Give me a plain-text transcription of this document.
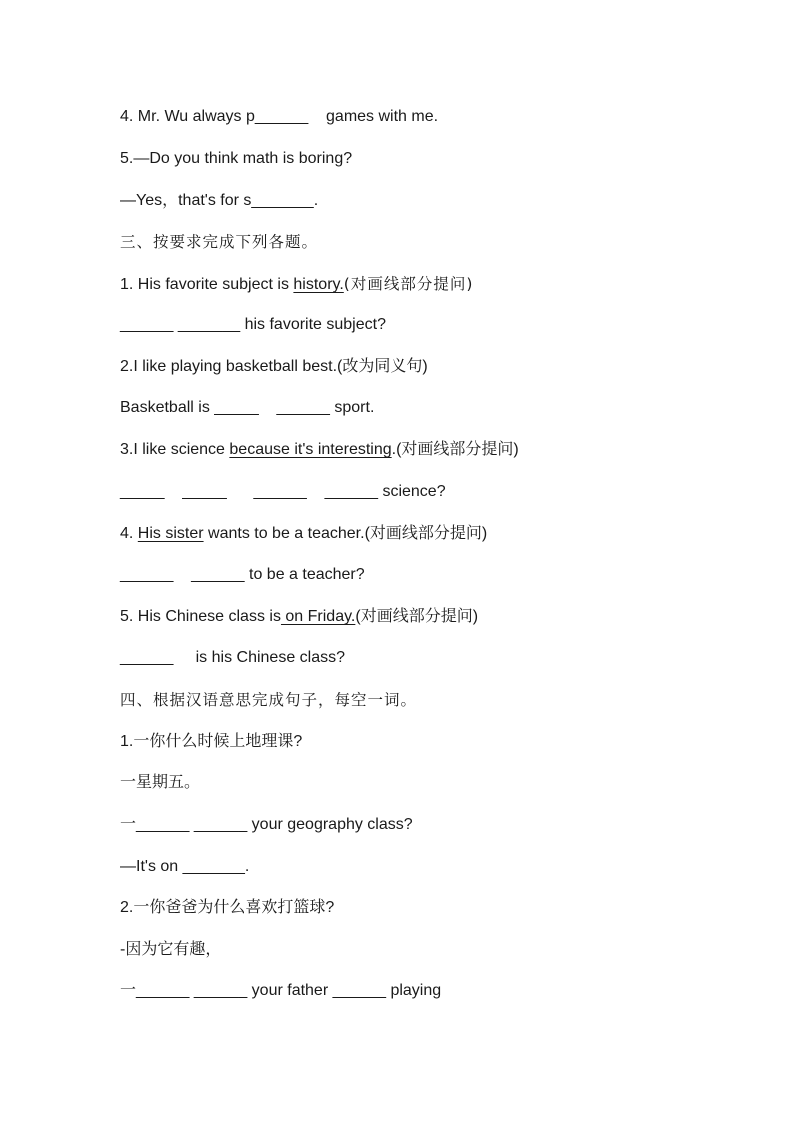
4. Mr. Wu always p______    games with me.
5.—Do you think math is boring?
—Yes，that's for s_______.
三、按要求完成下列各题。
1. His favorite subject is history.(对画线部分提问)
______ _______ his favorite subject?
2.I like playing basketball best.(改为同义句)
Basketball is _____    ______ sport.
3.I like science because it's interesting.(对画线部分提问)
_____    _____      ______    ______ science?
4. His sister wants to be a teacher.(对画线部分提问)
______    ______ to be a teacher?
5. His Chinese class is on Friday.(对画线部分提问)
______     is his Chinese class?
四、根据汉语意思完成句子，每空一词。
1.一你什么时候上地理课?
一星期五。
一______ ______ your geography class?
—It's on _______.
2.一你爸爸为什么喜欢打篮球?
-因为它有趣，
一______ ______ your father ______ playing
